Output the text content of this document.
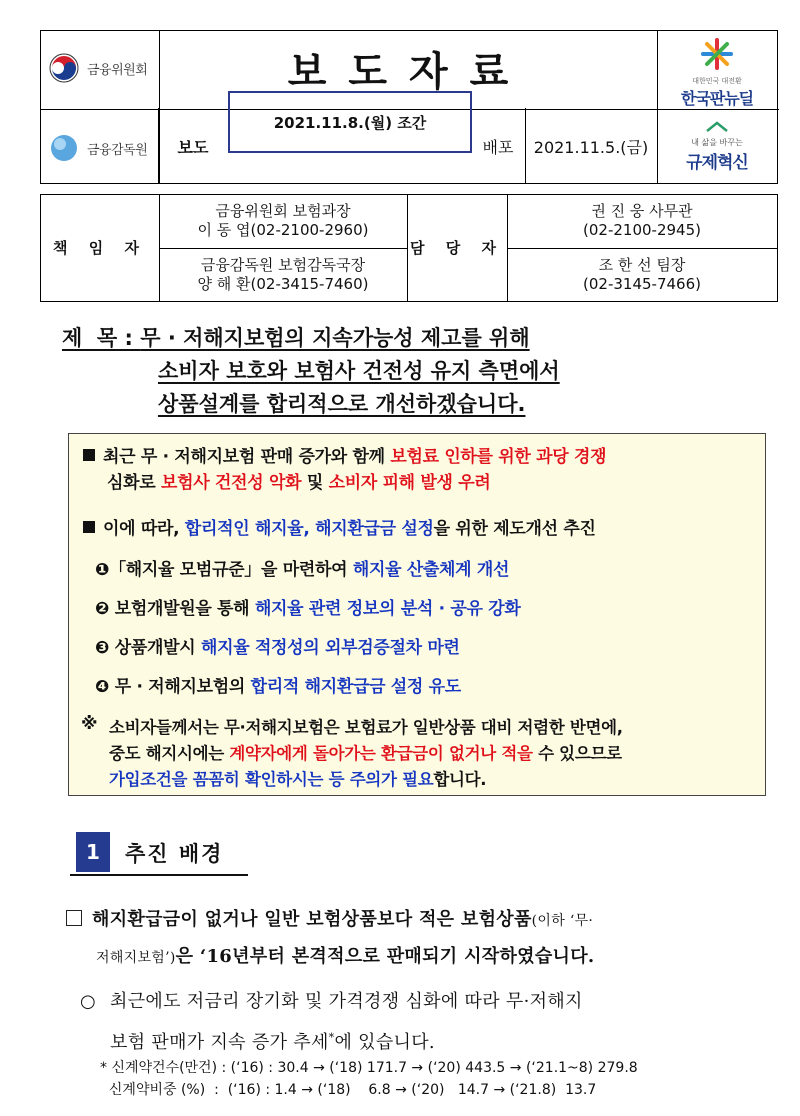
금융위원회
금융감독원
보도자료
보도
2021.11.8.(월) 조간
배포	2021.11.5.(금)
대한민국 대전환
한국판뉴딜
내 삶을 바꾸는
규제혁신
책 임 자
금융위원회 보험과장
이 동 엽(02-2100-2960)
금융감독원 보험감독국장
양 해 환(02-3415-7460)
담 당 자
권 진 웅 사무관
(02-2100-2945)
조 한 선 팀장
(02-3145-7466)
제  목 : 무 · 저해지보험의 지속가능성 제고를 위해
소비자 보호와 보험사 건전성 유지 측면에서
상품설계를 합리적으로 개선하겠습니다.
최근 무 · 저해지보험 판매 증가와 함께 보험료 인하를 위한 과당 경쟁
심화로 보험사 건전성 악화 및 소비자 피해 발생 우려
이에 따라, 합리적인 해지율, 해지환급금 설정을 위한 제도개선 추진
❶「해지율 모범규준」을 마련하여 해지율 산출체계 개선
❷ 보험개발원을 통해 해지율 관련 정보의 분석 · 공유 강화
❸ 상품개발시 해지율 적정성의 외부검증절차 마련
❹ 무 · 저해지보험의 합리적 해지환급금 설정 유도
※ 소비자들께서는 무·저해지보험은 보험료가 일반상품 대비 저렴한 반면에,
중도 해지시에는 계약자에게 돌아가는 환급금이 없거나 적을 수 있으므로
가입조건을 꼼꼼히 확인하시는 등 주의가 필요합니다.
1	추진 배경
해지환급금이 없거나 일반 보험상품보다 적은 보험상품(이하 ‘무·
저해지보험’)은 ‘16년부터 본격적으로 판매되기 시작하였습니다.
○ 최근에도 저금리 장기화 및 가격경쟁 심화에 따라 무·저해지
보험 판매가 지속 증가 추세*에 있습니다.
* 신계약건수(만건) : (‘16) : 30.4 → (‘18) 171.7 → (‘20) 443.5 → (‘21.1~8) 279.8
신계약비중 (%)  :  (‘16) : 1.4 → (‘18)    6.8 → (‘20)   14.7 → (‘21.8)  13.7
